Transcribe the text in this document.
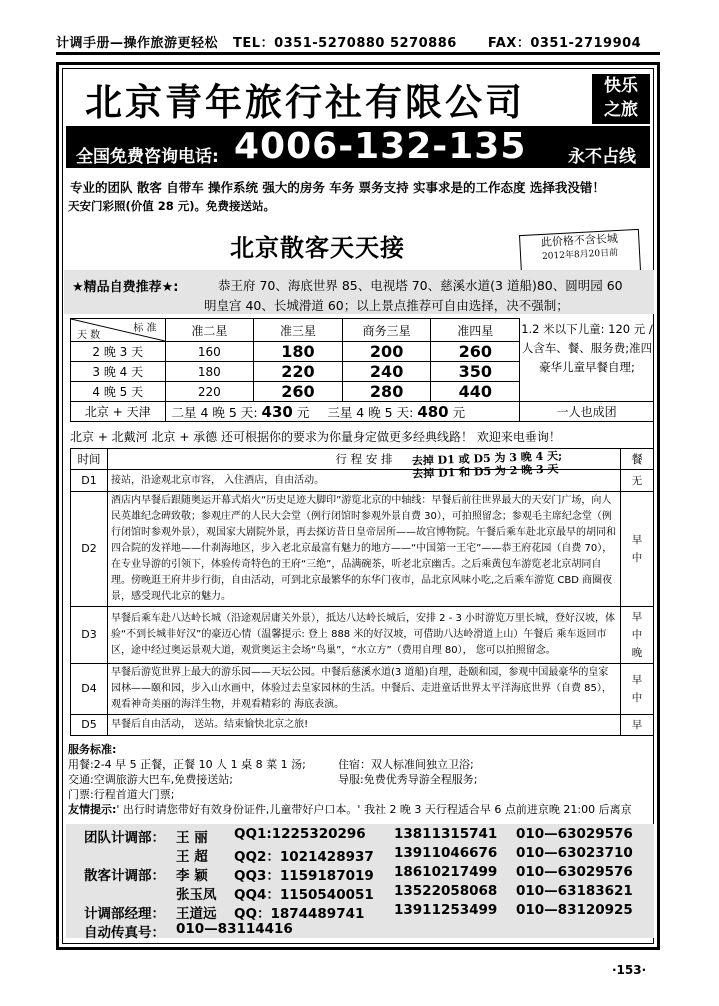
计调手册—操作旅游更轻松 TEL：0351-5270880 5270886 FAX：0351-2719904
北京青年旅行社有限公司	快乐
之旅
全国免费咨询电话: 4006-132-135 永不占线
专业的团队 散客 自带车 操作系统 强大的房务 车务 票务支持 实事求是的工作态度 选择我没错！
天安门彩照(价值 28 元)。免费接送站。
北京散客天天接	此价格不含长城
2012年8月20日前
★精品自费推荐★:	恭王府 70、海底世界 85、电视塔 70、慈溪水道(3 道船)80、圆明园 60
明皇宫 40、长城滑道 60；以上景点推荐可自由选择，决不强制；
标 准
天 数	准二星	准三星	商务三星	准四星	
2 晚 3 天	160	180	200	260	
3 晚 4 天	180	220	240	350	
4 晚 5 天	220	260	280	440	
北京 + 天津	二星 4 晚 5 天: 430 元 三星 4 晚 5 天: 480 元				一人也成团
1.2 米以下儿童: 120 元 / 人含车、餐、服务费;准四豪华儿童早餐自理;
北京 + 北戴河 北京 + 承德 还可根据你的要求为你量身定做更多经典线路！ 欢迎来电垂询！
时间	行 程 安 排	餐
D1	接站，沿途观北京市容， 入住酒店，自由活动。	无
D2	酒店内早餐后跟随奥运开幕式焰火“历史足迹大脚印”游览北京的中轴线：早餐后前往世界最大的天安门广场，向人民英雄纪念碑致敬；参观庄严的人民大会堂（例行闭馆时参观外景自费 30），可拍照留念；参观毛主席纪念堂（例行闭馆时参观外景），观国家大剧院外景，再去探访昔日皇帝居所——故宫博物院。午餐后乘车赴北京最早的胡同和四合院的发祥地——什刹海地区，步入老北京最富有魅力的地方——“中国第一王宅”——恭王府花园（自费 70），在专业导游的引领下，体验传奇特色的王府“三绝”，品满碗茶，听老北京幽舌。之后乘黄包车游览老北京胡同自理。傍晚逛王府井步行街，自由活动，可到北京最繁华的东华门夜市，品北京风味小吃,之后乘车游览 CBD 商圈夜景，感受现代北京的魅力。	早
中
D3	早餐后乘车赴八达岭长城（沿途观居庸关外景），抵达八达岭长城后，安排 2 - 3 小时游览万里长城，登好汉坡，体验“不到长城非好汉”的豪迈心情（温馨提示: 登上 888 米的好汉坡，可借助八达岭滑道上山）午餐后 乘车返回市区，途中经过奥运景观大道，观赏奥运主会场“鸟巢”，“水立方”（费用自理 80）， 您可以拍照留念。	早
中
晚
D4	早餐后游览世界上最大的游乐园——天坛公园。中餐后慈溪水道(3 道船)自理，赴颐和园，参观中国最豪华的皇家园林——颐和园，步入山水画中，体验过去皇家园林的生活。中餐后、走进童话世界太平洋海底世界（自费 85），观看神奇美丽的海洋生物，并观看精彩的 海底表演。	早
中
D5	早餐后自由活动， 送站。结束愉快北京之旅!	早
去掉 D1 或 D5 为 3 晚 4 天;
去掉 D1 和 D5 为 2 晚 3 天
服务标准:
用餐:2-4 早 5 正餐，正餐 10 人 1 桌 8 菜 1 汤;	住宿：双人标准间独立卫浴;
交通:空调旅游大巴车,免费接送站;	导服:免费优秀导游全程服务;
门票:行程首道大门票;
友情提示:' 出行时请您带好有效身份证件,儿童带好户口本。' 我社 2 晚 3 天行程适合早 6 点前进京晚 21:00 后离京
团队计调部： 王 丽 QQ1:1225320296 13811315741 010—63029576
王 超 QQ2：1021428937 13911046676 010—63023710
散客计调部： 李 颖 QQ3：1159187019 18610217499 010—63029576
张玉凤 QQ4：1150540051 13522058068 010—63183621
计调部经理： 王道远 QQ：1874489741 13911253499 010—83120925
自动传真号： 010—83114416
·153·
